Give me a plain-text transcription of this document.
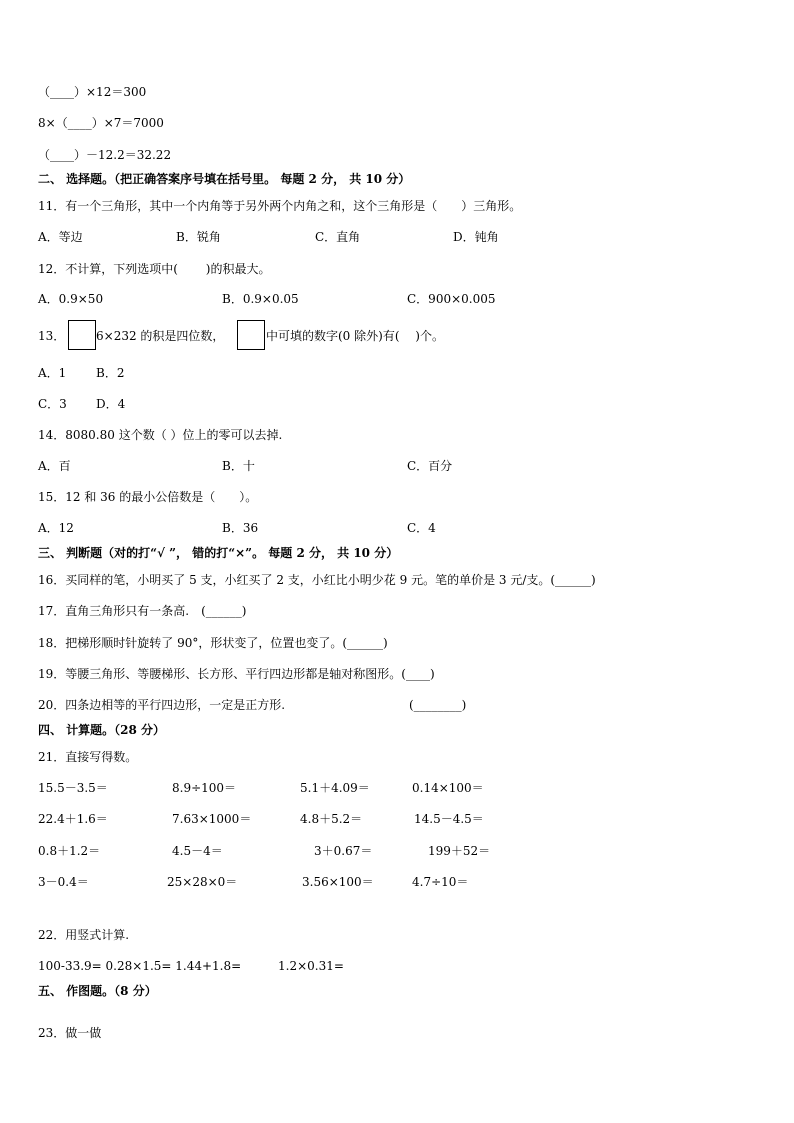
（____）×12＝300
8×（____）×7＝7000
（____）－12.2＝32.22
二、 选择题。（把正确答案序号填在括号里。 每题 2 分， 共 10 分）
11．有一个三角形，其中一个内角等于另外两个内角之和，这个三角形是（　　）三角形。
A．等边	B．锐角	C．直角	D．钝角
12．不计算，下列选项中(　　 )的积最大。
A．0.9×50	B．0.9×0.05	C．900×0.005
13．	6×232 的积是四位数，	中可填的数字(0 除外)有(　 )个。
A．1 B．2
C．3 D．4
14．8080.80 这个数（ ）位上的零可以去掉.
A．百	B．十	C．百分
15．12 和 36 的最小公倍数是（　　）。
A．12	B．36	C．4
三、 判断题（对的打“√ ”， 错的打“×”。 每题 2 分， 共 10 分）
16．买同样的笔，小明买了 5 支，小红买了 2 支，小红比小明少花 9 元。笔的单价是 3 元/支。(______)
17．直角三角形只有一条高.　(______)
18．把梯形顺时针旋转了 90°，形状变了，位置也变了。(______)
19．等腰三角形、等腰梯形、长方形、平行四边形都是轴对称图形。(____)
20．四条边相等的平行四边形，一定是正方形.	(________)
四、 计算题。（28 分）
21．直接写得数。
15.5－3.5＝	8.9÷100＝	5.1＋4.09＝	0.14×100＝
22.4＋1.6＝	7.63×1000＝	4.8＋5.2＝	14.5－4.5＝
0.8＋1.2＝	4.5－4＝	3＋0.67＝	199＋52＝
3－0.4＝	25×28×0＝	3.56×100＝	4.7÷10＝
22．用竖式计算.
100-33.9= 0.28×1.5= 1.44+1.8=	1.2×0.31=
五、 作图题。（8 分）
23．做一做
